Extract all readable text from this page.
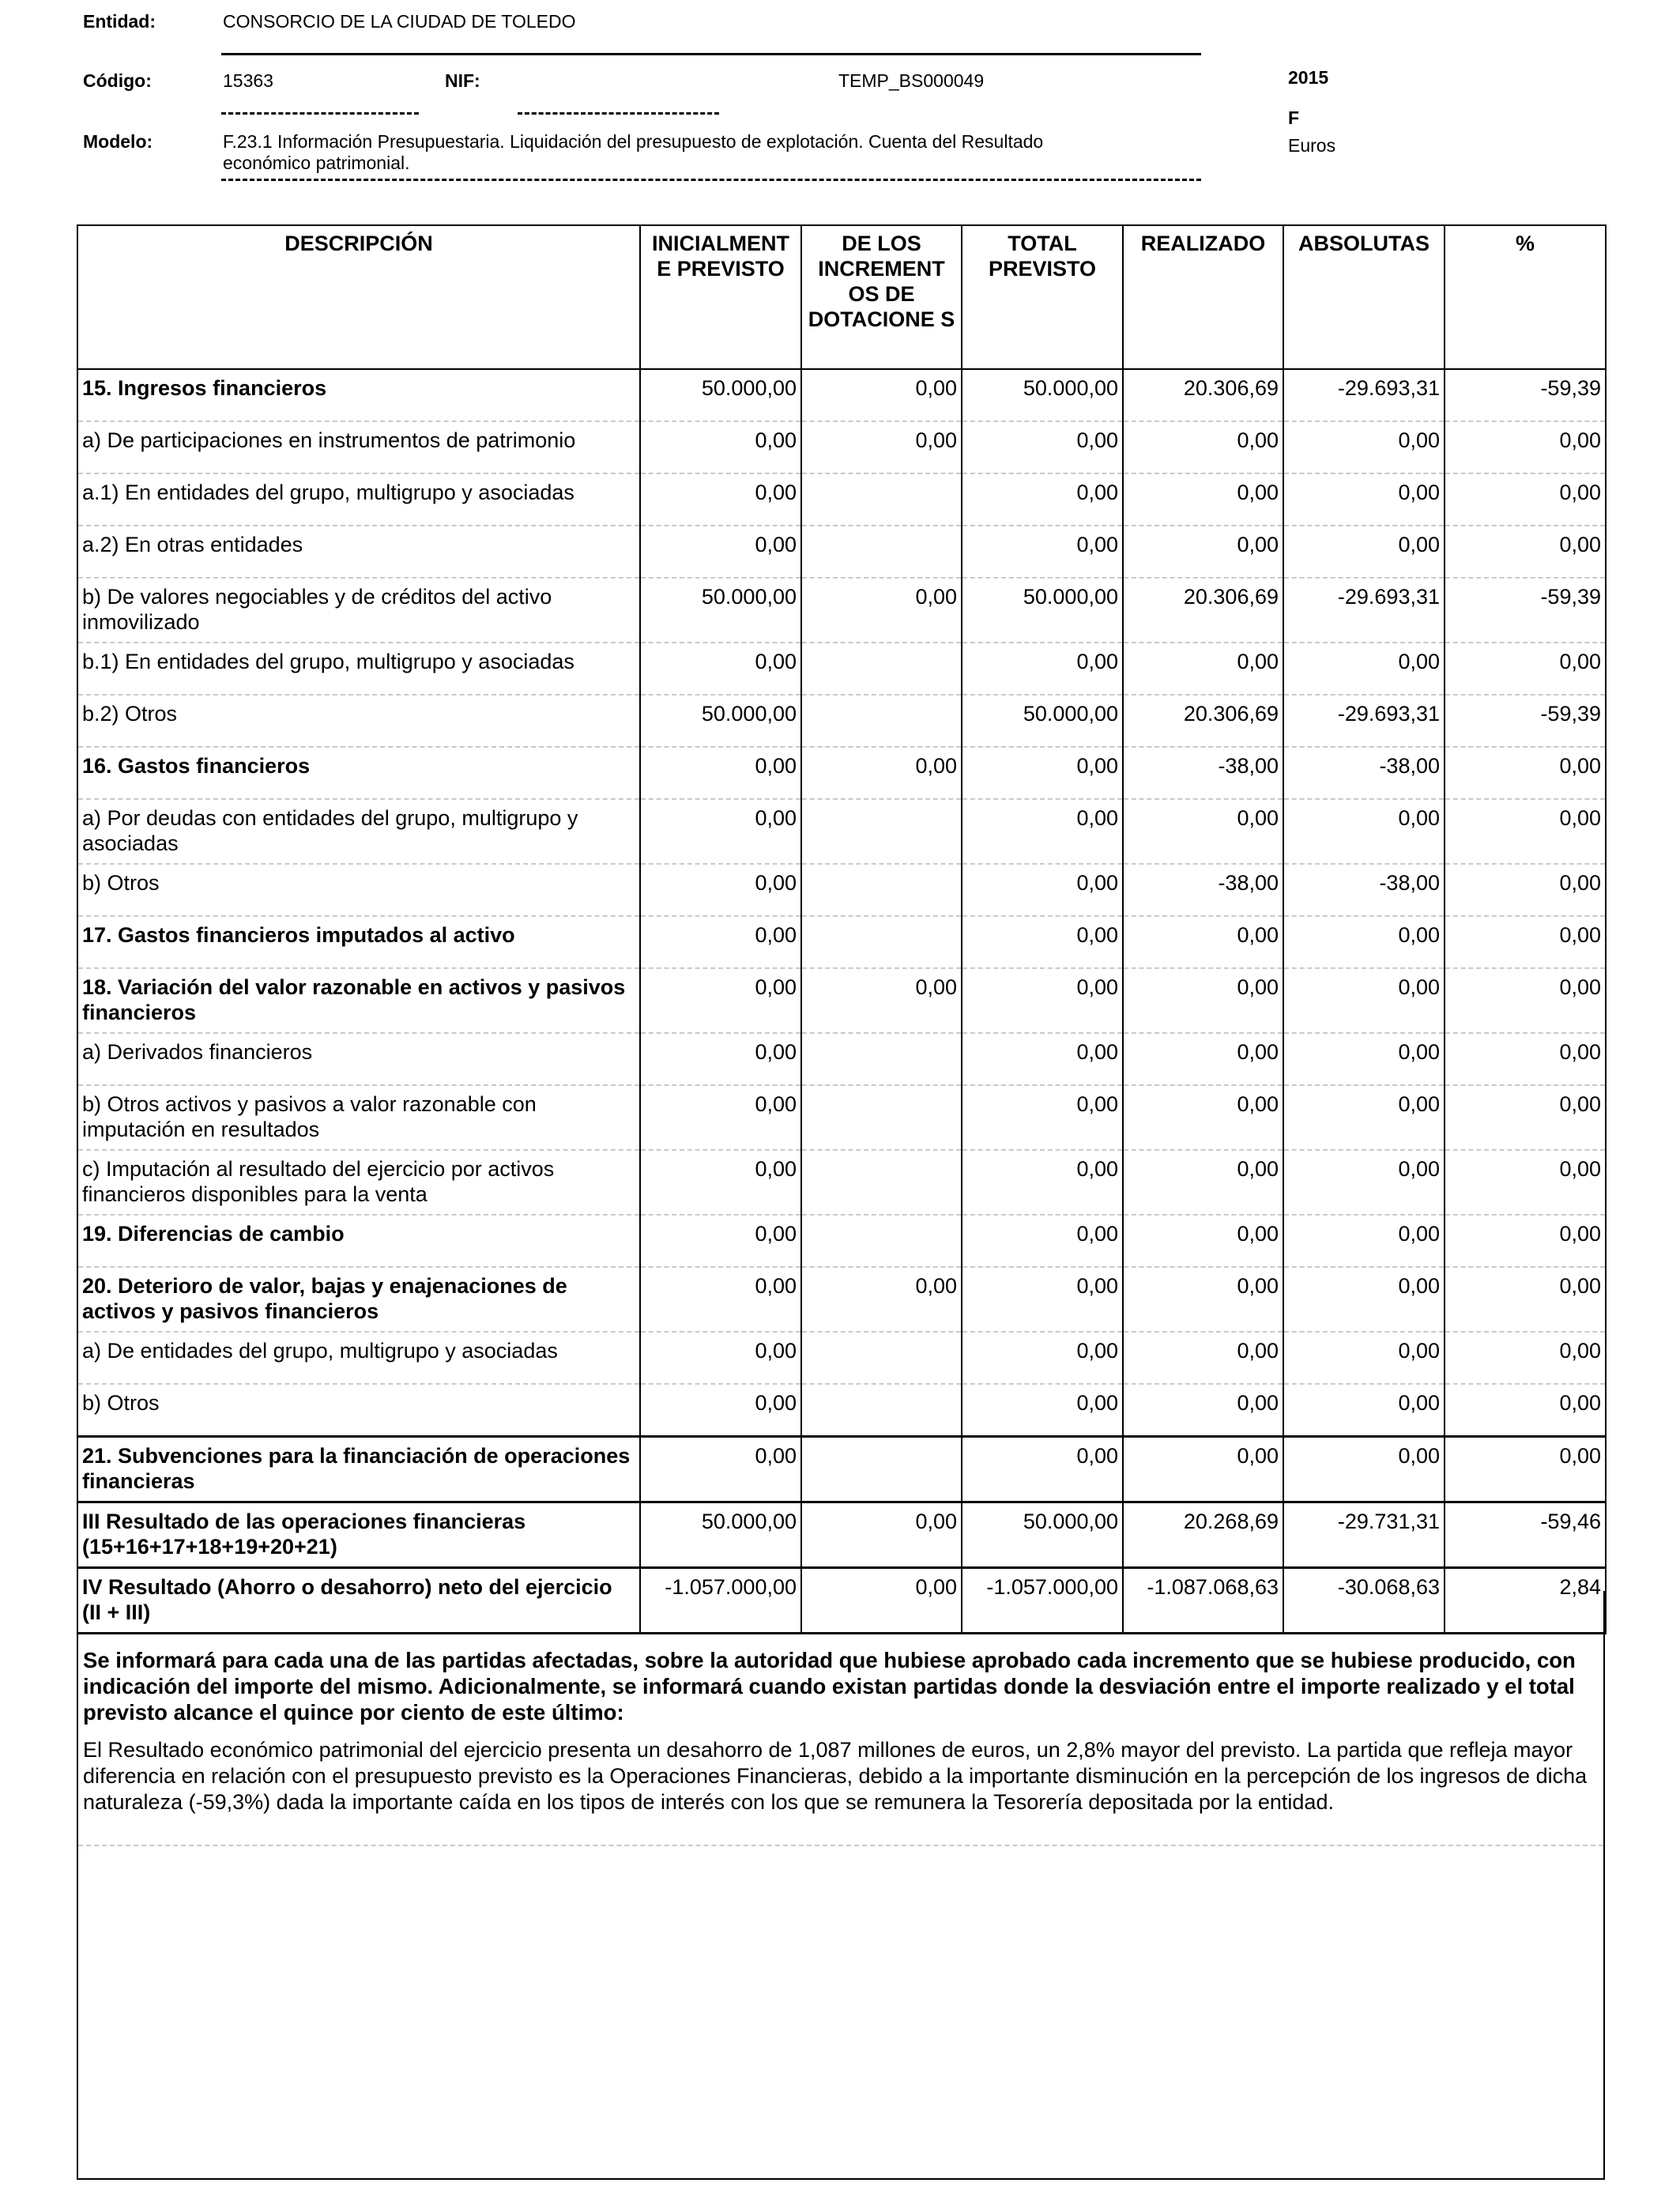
Entidad:	CONSORCIO DE LA CIUDAD DE TOLEDO
Código:	15363	NIF:	TEMP_BS000049	2015
F
Modelo:	F.23.1 Información Presupuestaria. Liquidación del presupuesto de explotación. Cuenta del Resultado
económico patrimonial.
Euros
DESCRIPCIÓN	INICIALMENT E PREVISTO	DE LOS INCREMENT OS DE DOTACIONE S	TOTAL PREVISTO	REALIZADO	ABSOLUTAS	%
15. Ingresos financieros	50.000,00	0,00	50.000,00	20.306,69	-29.693,31	-59,39
a) De participaciones en instrumentos de patrimonio	0,00	0,00	0,00	0,00	0,00	0,00
a.1) En entidades del grupo, multigrupo y asociadas	0,00		0,00	0,00	0,00	0,00
a.2) En otras entidades	0,00		0,00	0,00	0,00	0,00
b) De valores negociables y de créditos del activo inmovilizado	50.000,00	0,00	50.000,00	20.306,69	-29.693,31	-59,39
b.1) En entidades del grupo, multigrupo y asociadas	0,00		0,00	0,00	0,00	0,00
b.2) Otros	50.000,00		50.000,00	20.306,69	-29.693,31	-59,39
16. Gastos financieros	0,00	0,00	0,00	-38,00	-38,00	0,00
a) Por deudas con entidades del grupo, multigrupo y asociadas	0,00		0,00	0,00	0,00	0,00
b) Otros	0,00		0,00	-38,00	-38,00	0,00
17. Gastos financieros imputados al activo	0,00		0,00	0,00	0,00	0,00
18. Variación del valor razonable en activos y pasivos financieros	0,00	0,00	0,00	0,00	0,00	0,00
a) Derivados financieros	0,00		0,00	0,00	0,00	0,00
b) Otros activos y pasivos a valor razonable con imputación en resultados	0,00		0,00	0,00	0,00	0,00
c) Imputación al resultado del ejercicio por activos financieros disponibles para la venta	0,00		0,00	0,00	0,00	0,00
19. Diferencias de cambio	0,00		0,00	0,00	0,00	0,00
20. Deterioro de valor, bajas y enajenaciones de activos y pasivos financieros	0,00	0,00	0,00	0,00	0,00	0,00
a) De entidades del grupo, multigrupo y asociadas	0,00		0,00	0,00	0,00	0,00
b) Otros	0,00		0,00	0,00	0,00	0,00
21. Subvenciones para la financiación de operaciones financieras	0,00		0,00	0,00	0,00	0,00
III Resultado de las operaciones financieras (15+16+17+18+19+20+21)	50.000,00	0,00	50.000,00	20.268,69	-29.731,31	-59,46
IV Resultado (Ahorro o desahorro) neto del ejercicio (II + III)	-1.057.000,00	0,00	-1.057.000,00	-1.087.068,63	-30.068,63	2,84
Se informará para cada una de las partidas afectadas, sobre la autoridad que hubiese aprobado cada incremento que se hubiese producido, con indicación del importe del mismo. Adicionalmente, se informará cuando existan partidas donde la desviación entre el importe realizado y el total previsto alcance el quince por ciento de este último:
El Resultado económico patrimonial del ejercicio presenta un desahorro de 1,087 millones de euros, un 2,8% mayor del previsto. La partida que refleja mayor diferencia en relación con el presupuesto previsto es la Operaciones Financieras, debido a la importante disminución en la percepción de los ingresos de dicha naturaleza (-59,3%) dada la importante caída en los tipos de interés con los que se remunera la Tesorería depositada por la entidad.
